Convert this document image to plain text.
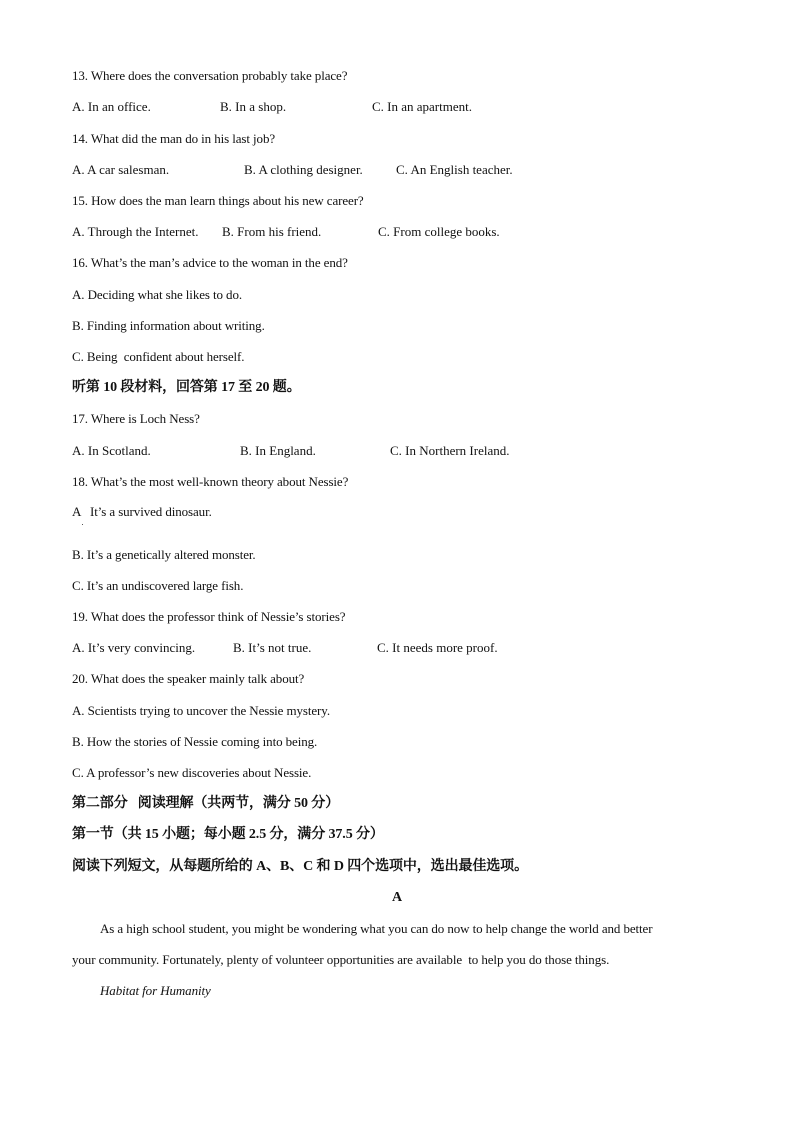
13. Where does the conversation probably take place?
A. In an office.	B. In a shop.	C. In an apartment.
14. What did the man do in his last job?
A. A car salesman.	B. A clothing designer.	C. An English teacher.
15. How does the man learn things about his new career?
A. Through the Internet. B. From his friend.	C. From college books.
16. What’s the man’s advice to the woman in the end?
A. Deciding what she likes to do.
B. Finding information about writing.
C. Being  confident about herself.
听第 10 段材料，回答第 17 至 20 题。
17. Where is Loch Ness?
A. In Scotland.	B. In England.	C. In Northern Ireland.
18. What’s the most well-known theory about Nessie?
A   It’s a survived dinosaur.
B. It’s a genetically altered monster.
C. It’s an undiscovered large fish.
19. What does the professor think of Nessie’s stories?
A. It’s very convincing.	B. It’s not true.	C. It needs more proof.
20. What does the speaker mainly talk about?
A. Scientists trying to uncover the Nessie mystery.
B. How the stories of Nessie coming into being.
C. A professor’s new discoveries about Nessie.
第二部分   阅读理解（共两节，满分 50 分）
第一节（共 15 小题；每小题 2.5 分，满分 37.5 分）
阅读下列短文，从每题所给的 A、B、C 和 D 四个选项中，选出最佳选项。
A
As a high school student, you might be wondering what you can do now to help change the world and better
your community. Fortunately, plenty of volunteer opportunities are available  to help you do those things.
Habitat for Humanity
